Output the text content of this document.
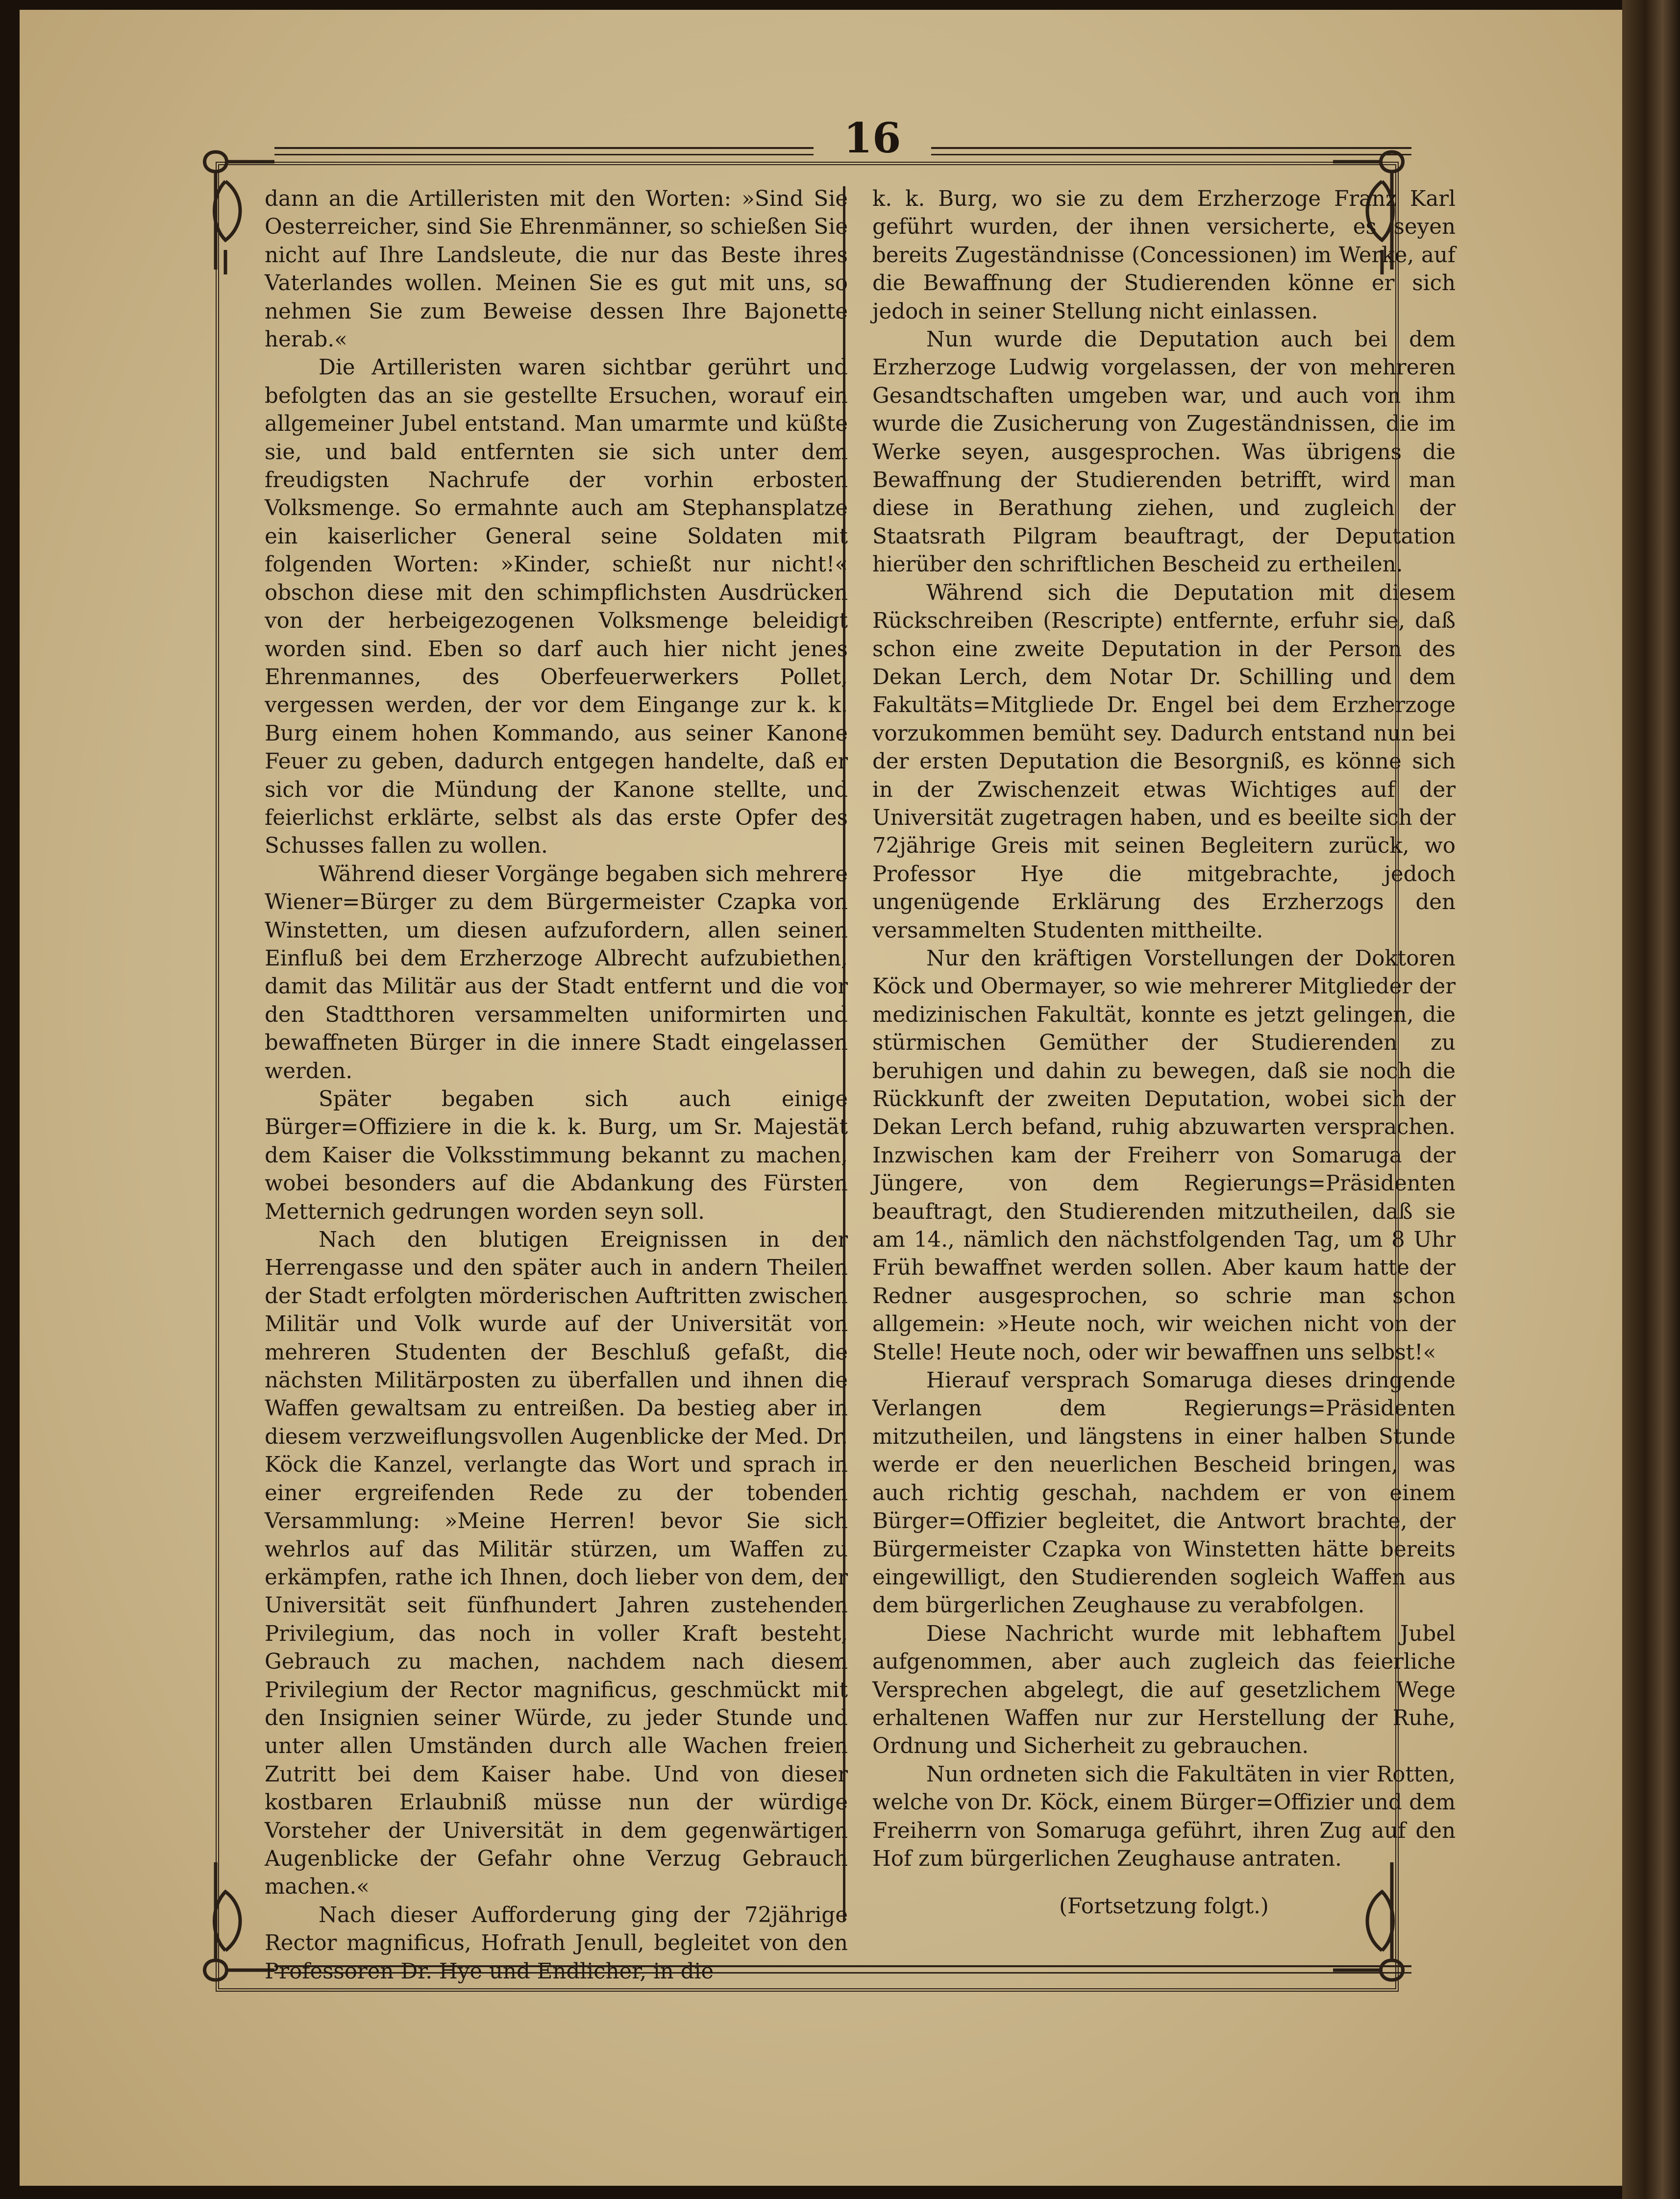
16

dann an die Artilleristen mit den Worten: »Sind Sie Oesterreicher, sind Sie Ehrenmänner, so schießen Sie nicht auf Ihre Landsleute, die nur das Beste ihres Vaterlandes wollen. Meinen Sie es gut mit uns, so nehmen Sie zum Beweise dessen Ihre Bajonette herab.«

Die Artilleristen waren sichtbar gerührt und befolgten das an sie gestellte Ersuchen, worauf ein allgemeiner Jubel entstand. Man umarmte und küßte sie, und bald entfernten sie sich unter dem freudigsten Nachrufe der vorhin erbosten Volksmenge. So ermahnte auch am Stephansplatze ein kaiserlicher General seine Soldaten mit folgenden Worten: »Kinder, schießt nur nicht!« obschon diese mit den schimpflichsten Ausdrücken von der herbeigezogenen Volksmenge beleidigt worden sind. Eben so darf auch hier nicht jenes Ehrenmannes, des Oberfeuerwerkers Pollet, vergessen werden, der vor dem Eingange zur k. k. Burg einem hohen Kommando, aus seiner Kanone Feuer zu geben, dadurch entgegen handelte, daß er sich vor die Mündung der Kanone stellte, und feierlichst erklärte, selbst als das erste Opfer des Schusses fallen zu wollen.

Während dieser Vorgänge begaben sich mehrere Wiener=Bürger zu dem Bürgermeister Czapka von Winstetten, um diesen aufzufordern, allen seinen Einfluß bei dem Erzherzoge Albrecht aufzubiethen, damit das Militär aus der Stadt entfernt und die vor den Stadtthoren versammelten uniformirten und bewaffneten Bürger in die innere Stadt eingelassen werden.

Später begaben sich auch einige Bürger=Offiziere in die k. k. Burg, um Sr. Majestät dem Kaiser die Volksstimmung bekannt zu machen, wobei besonders auf die Abdankung des Fürsten Metternich gedrungen worden seyn soll.

Nach den blutigen Ereignissen in der Herrengasse und den später auch in andern Theilen der Stadt erfolgten mörderischen Auftritten zwischen Militär und Volk wurde auf der Universität von mehreren Studenten der Beschluß gefaßt, die nächsten Militärposten zu überfallen und ihnen die Waffen gewaltsam zu entreißen. Da bestieg aber in diesem verzweiflungsvollen Augenblicke der Med. Dr. Köck die Kanzel, verlangte das Wort und sprach in einer ergreifenden Rede zu der tobenden Versammlung: »Meine Herren! bevor Sie sich wehrlos auf das Militär stürzen, um Waffen zu erkämpfen, rathe ich Ihnen, doch lieber von dem, der Universität seit fünfhundert Jahren zustehenden Privilegium, das noch in voller Kraft besteht, Gebrauch zu machen, nachdem nach diesem Privilegium der Rector magnificus, geschmückt mit den Insignien seiner Würde, zu jeder Stunde und unter allen Umständen durch alle Wachen freien Zutritt bei dem Kaiser habe. Und von dieser kostbaren Erlaubniß müsse nun der würdige Vorsteher der Universität in dem gegenwärtigen Augenblicke der Gefahr ohne Verzug Gebrauch machen.«

Nach dieser Aufforderung ging der 72jährige Rector magnificus, Hofrath Jenull, begleitet von den Professoren Dr. Hye und Endlicher, in die

k. k. Burg, wo sie zu dem Erzherzoge Franz Karl geführt wurden, der ihnen versicherte, es seyen bereits Zugeständnisse (Concessionen) im Werke, auf die Bewaffnung der Studierenden könne er sich jedoch in seiner Stellung nicht einlassen.

Nun wurde die Deputation auch bei dem Erzherzoge Ludwig vorgelassen, der von mehreren Gesandtschaften umgeben war, und auch von ihm wurde die Zusicherung von Zugeständnissen, die im Werke seyen, ausgesprochen. Was übrigens die Bewaffnung der Studierenden betrifft, wird man diese in Berathung ziehen, und zugleich der Staatsrath Pilgram beauftragt, der Deputation hierüber den schriftlichen Bescheid zu ertheilen.

Während sich die Deputation mit diesem Rückschreiben (Rescripte) entfernte, erfuhr sie, daß schon eine zweite Deputation in der Person des Dekan Lerch, dem Notar Dr. Schilling und dem Fakultäts=Mitgliede Dr. Engel bei dem Erzherzoge vorzukommen bemüht sey. Dadurch entstand nun bei der ersten Deputation die Besorgniß, es könne sich in der Zwischenzeit etwas Wichtiges auf der Universität zugetragen haben, und es beeilte sich der 72jährige Greis mit seinen Begleitern zurück, wo Professor Hye die mitgebrachte, jedoch ungenügende Erklärung des Erzherzogs den versammelten Studenten mittheilte.

Nur den kräftigen Vorstellungen der Doktoren Köck und Obermayer, so wie mehrerer Mitglieder der medizinischen Fakultät, konnte es jetzt gelingen, die stürmischen Gemüther der Studierenden zu beruhigen und dahin zu bewegen, daß sie noch die Rückkunft der zweiten Deputation, wobei sich der Dekan Lerch befand, ruhig abzuwarten versprachen. Inzwischen kam der Freiherr von Somaruga der Jüngere, von dem Regierungs=Präsidenten beauftragt, den Studierenden mitzutheilen, daß sie am 14., nämlich den nächstfolgenden Tag, um 8 Uhr Früh bewaffnet werden sollen. Aber kaum hatte der Redner ausgesprochen, so schrie man schon allgemein: »Heute noch, wir weichen nicht von der Stelle! Heute noch, oder wir bewaffnen uns selbst!«

Hierauf versprach Somaruga dieses dringende Verlangen dem Regierungs=Präsidenten mitzutheilen, und längstens in einer halben Stunde werde er den neuerlichen Bescheid bringen, was auch richtig geschah, nachdem er von einem Bürger=Offizier begleitet, die Antwort brachte, der Bürgermeister Czapka von Winstetten hätte bereits eingewilligt, den Studierenden sogleich Waffen aus dem bürgerlichen Zeughause zu verabfolgen.

Diese Nachricht wurde mit lebhaftem Jubel aufgenommen, aber auch zugleich das feierliche Versprechen abgelegt, die auf gesetzlichem Wege erhaltenen Waffen nur zur Herstellung der Ruhe, Ordnung und Sicherheit zu gebrauchen.

Nun ordneten sich die Fakultäten in vier Rotten, welche von Dr. Köck, einem Bürger=Offizier und dem Freiherrn von Somaruga geführt, ihren Zug auf den Hof zum bürgerlichen Zeughause antraten.

(Fortsetzung folgt.)
